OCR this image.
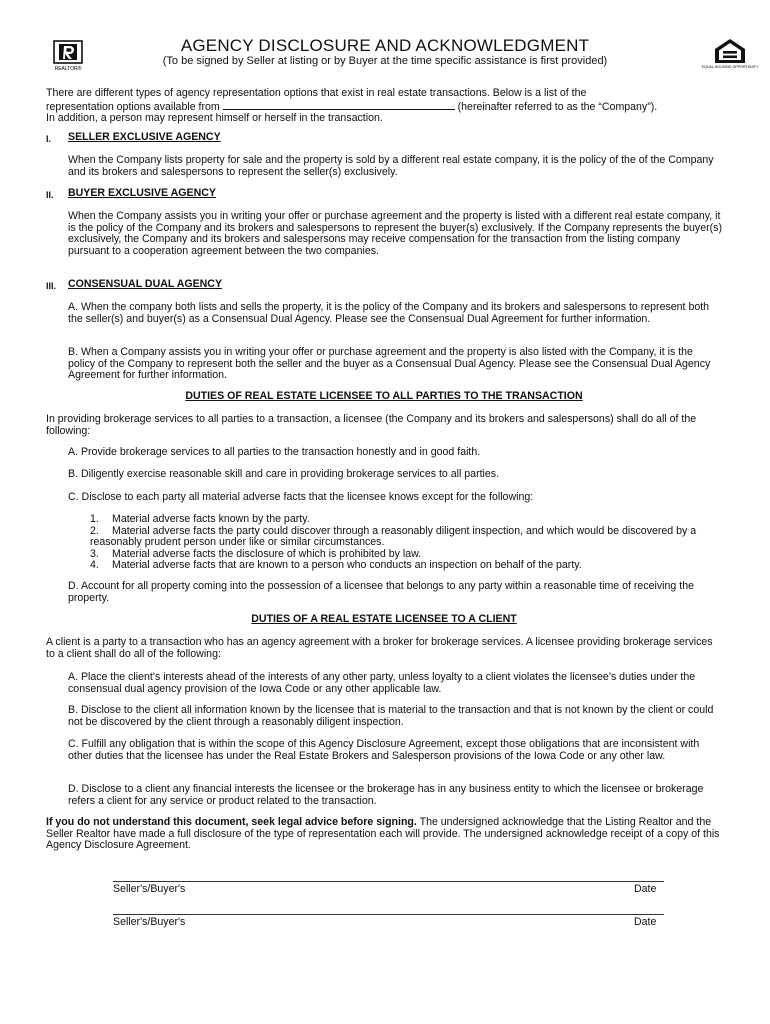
REALTOR®	EQUAL HOUSING OPPORTUNITY
AGENCY DISCLOSURE AND ACKNOWLEDGMENT
(To be signed by Seller at listing or by Buyer at the time specific assistance is first provided)
There are different types of agency representation options that exist in real estate transactions. Below is a list of the
representation options available from	(hereinafter referred to as the “Company”).
In addition, a person may represent himself or herself in the transaction.
I. SELLER EXCLUSIVE AGENCY
When the Company lists property for sale and the property is sold by a different real estate company, it is the policy of the of the Company and its brokers and salespersons to represent the seller(s) exclusively.
II. BUYER EXCLUSIVE AGENCY
When the Company assists you in writing your offer or purchase agreement and the property is listed with a different real estate company, it is the policy of the Company and its brokers and salespersons to represent the buyer(s) exclusively. If the Company represents the buyer(s) exclusively, the Company and its brokers and salespersons may receive compensation for the transaction from the listing company pursuant to a cooperation agreement between the two companies.
III. CONSENSUAL DUAL AGENCY
A. When the company both lists and sells the property, it is the policy of the Company and its brokers and salespersons to represent both the seller(s) and buyer(s) as a Consensual Dual Agency. Please see the Consensual Dual Agreement for further information.
B. When a Company assists you in writing your offer or purchase agreement and the property is also listed with the Company, it is the policy of the Company to represent both the seller and the buyer as a Consensual Dual Agency. Please see the Consensual Dual Agency Agreement for further information.
DUTIES OF REAL ESTATE LICENSEE TO ALL PARTIES TO THE TRANSACTION
In providing brokerage services to all parties to a transaction, a licensee (the Company and its brokers and salespersons) shall do all of the following:
A. Provide brokerage services to all parties to the transaction honestly and in good faith.
B. Diligently exercise reasonable skill and care in providing brokerage services to all parties.
C. Disclose to each party all material adverse facts that the licensee knows except for the following:
1. Material adverse facts known by the party.
2. Material adverse facts the party could discover through a reasonably diligent inspection, and which would be discovered by a reasonably prudent person under like or similar circumstances.
3. Material adverse facts the disclosure of which is prohibited by law.
4. Material adverse facts that are known to a person who conducts an inspection on behalf of the party.
D. Account for all property coming into the possession of a licensee that belongs to any party within a reasonable time of receiving the property.
DUTIES OF A REAL ESTATE LICENSEE TO A CLIENT
A client is a party to a transaction who has an agency agreement with a broker for brokerage services. A licensee providing brokerage services to a client shall do all of the following:
A. Place the client’s interests ahead of the interests of any other party, unless loyalty to a client violates the licensee’s duties under the consensual dual agency provision of the Iowa Code or any other applicable law.
B. Disclose to the client all information known by the licensee that is material to the transaction and that is not known by the client or could not be discovered by the client through a reasonably diligent inspection.
C. Fulfill any obligation that is within the scope of this Agency Disclosure Agreement, except those obligations that are inconsistent with other duties that the licensee has under the Real Estate Brokers and Salesperson provisions of the Iowa Code or any other law.
D. Disclose to a client any financial interests the licensee or the brokerage has in any business entity to which the licensee or brokerage refers a client for any service or product related to the transaction.
If you do not understand this document, seek legal advice before signing. The undersigned acknowledge that the Listing Realtor and the Seller Realtor have made a full disclosure of the type of representation each will provide. The undersigned acknowledge receipt of a copy of this Agency Disclosure Agreement.
Seller's/Buyer's	Date
Seller's/Buyer's	Date
